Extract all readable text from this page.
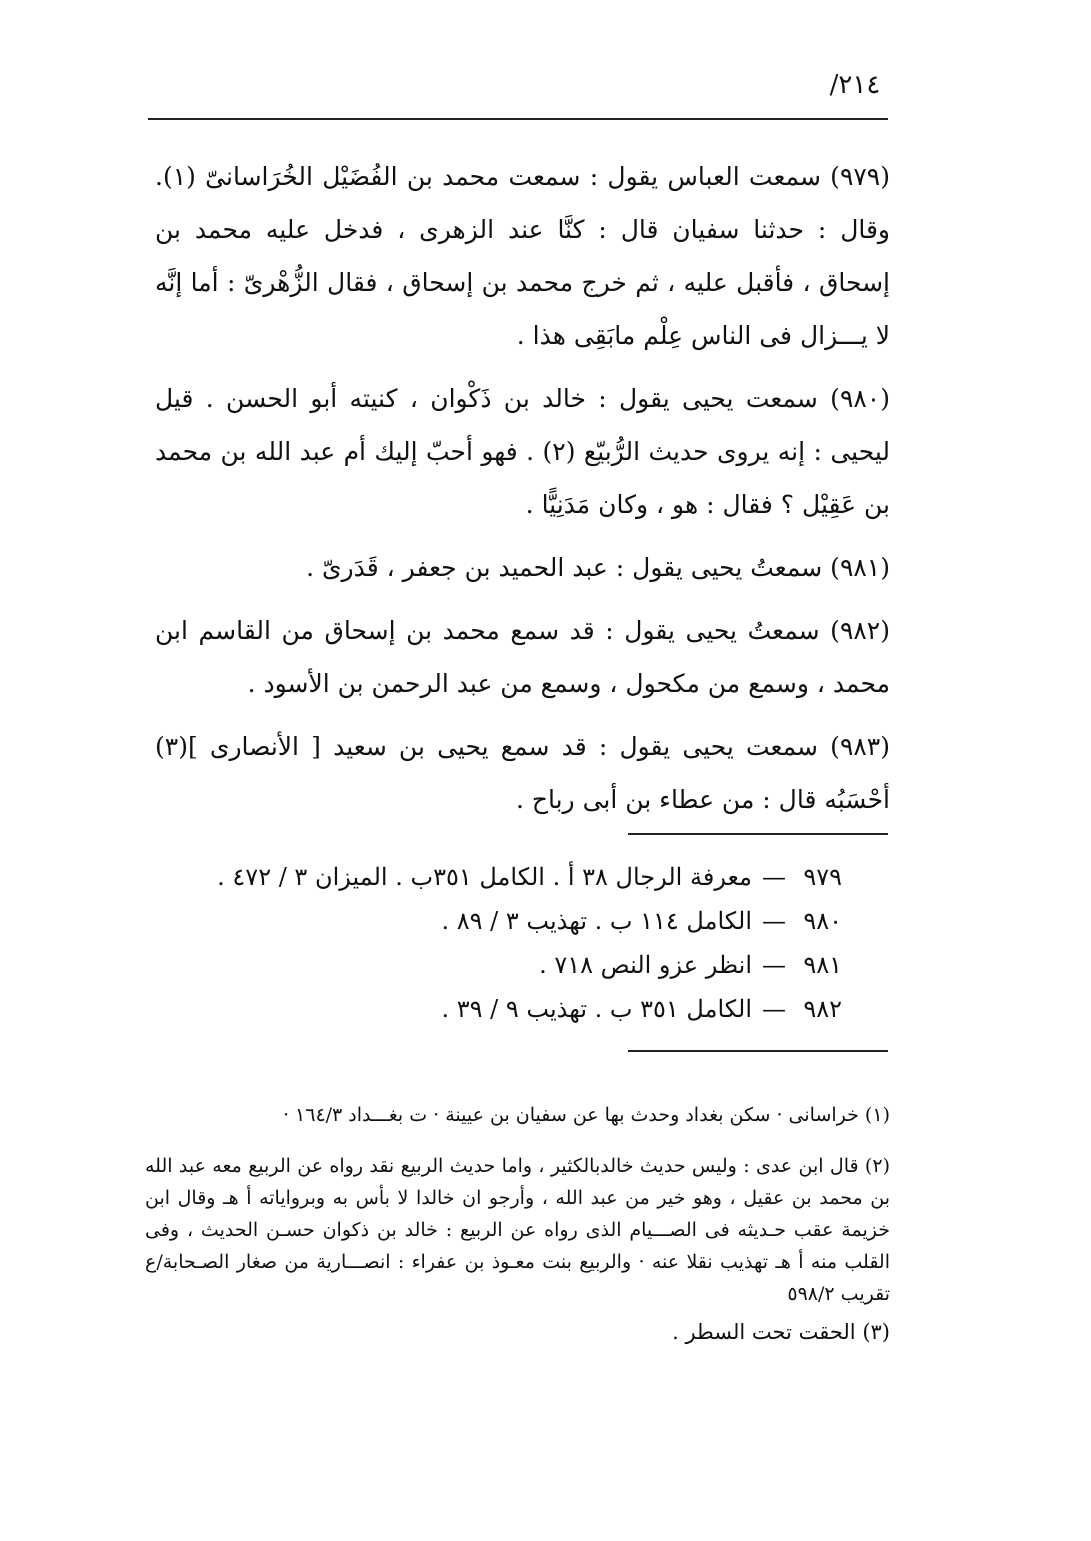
٢١٤/

(٩٧٩) سمعت العباس يقول : سمعت محمد بن الفُضَيْل الخُرَاسانىّ (١). وقال : حدثنا سفيان قال : كنَّا عند الزهرى ، فدخل عليه محمد بن إسحاق ، فأقبل عليه ، ثم خرج محمد بن إسحاق ، فقال الزُّهْرىّ : أما إنَّه لا يـــزال فى الناس عِلْم مابَقِى هذا .

(٩٨٠) سمعت يحيى يقول : خالد بن ذَكْوان ، كنيته أبو الحسن . قيل ليحيى : إنه يروى حديث الرُّبيّع (٢) . فهو أحبّ إليك أم عبد الله بن محمد بن عَقِيْل ؟ فقال : هو ، وكان مَدَنِيًّا .

(٩٨١) سمعتُ يحيى يقول : عبد الحميد بن جعفر ، قَدَرىّ .

(٩٨٢) سمعتُ يحيى يقول : قد سمع محمد بن إسحاق من القاسم ابن محمد ، وسمع من مكحول ، وسمع من عبد الرحمن بن الأسود .

(٩٨٣) سمعت يحيى يقول : قد سمع يحيى بن سعيد [ الأنصارى ](٣) أحْسَبُه قال : من عطاء بن أبى رباح .

٩٧٩—معرفة الرجال ٣٨ أ . الكامل ٣٥١ب . الميزان ٣ / ٤٧٢ .
٩٨٠—الكامل ١١٤ ب . تهذيب ٣ / ٨٩ .
٩٨١—انظر عزو النص ٧١٨ .
٩٨٢—الكامل ٣٥١ ب . تهذيب ٩ / ٣٩ .

(١) خراسانى · سكن بغداد وحدث بها عن سفيان بن عيينة · ت بغـــداد ١٦٤/٣ ·

(٢) قال ابن عدى : وليس حديث خالدبالكثير ، واما حديث الربيع نقد رواه عن الربيع معه عبد الله بن محمد بن عقيل ، وهو خير من عبد الله ، وأرجو ان خالدا لا بأس به وبرواياته أ هـ وقال ابن خزيمة عقب حـديثه فى الصـــيام الذى رواه عن الربيع : خالد بن ذكوان حسـن الحديث ، وفى القلب منه أ هـ تهذيب نقلا عنه · والربيع بنت معـوذ بن عفراء : انصـــارية من صغار الصـحابة/ع تقريب ٥٩٨/٢

(٣) الحقت تحت السطر .
